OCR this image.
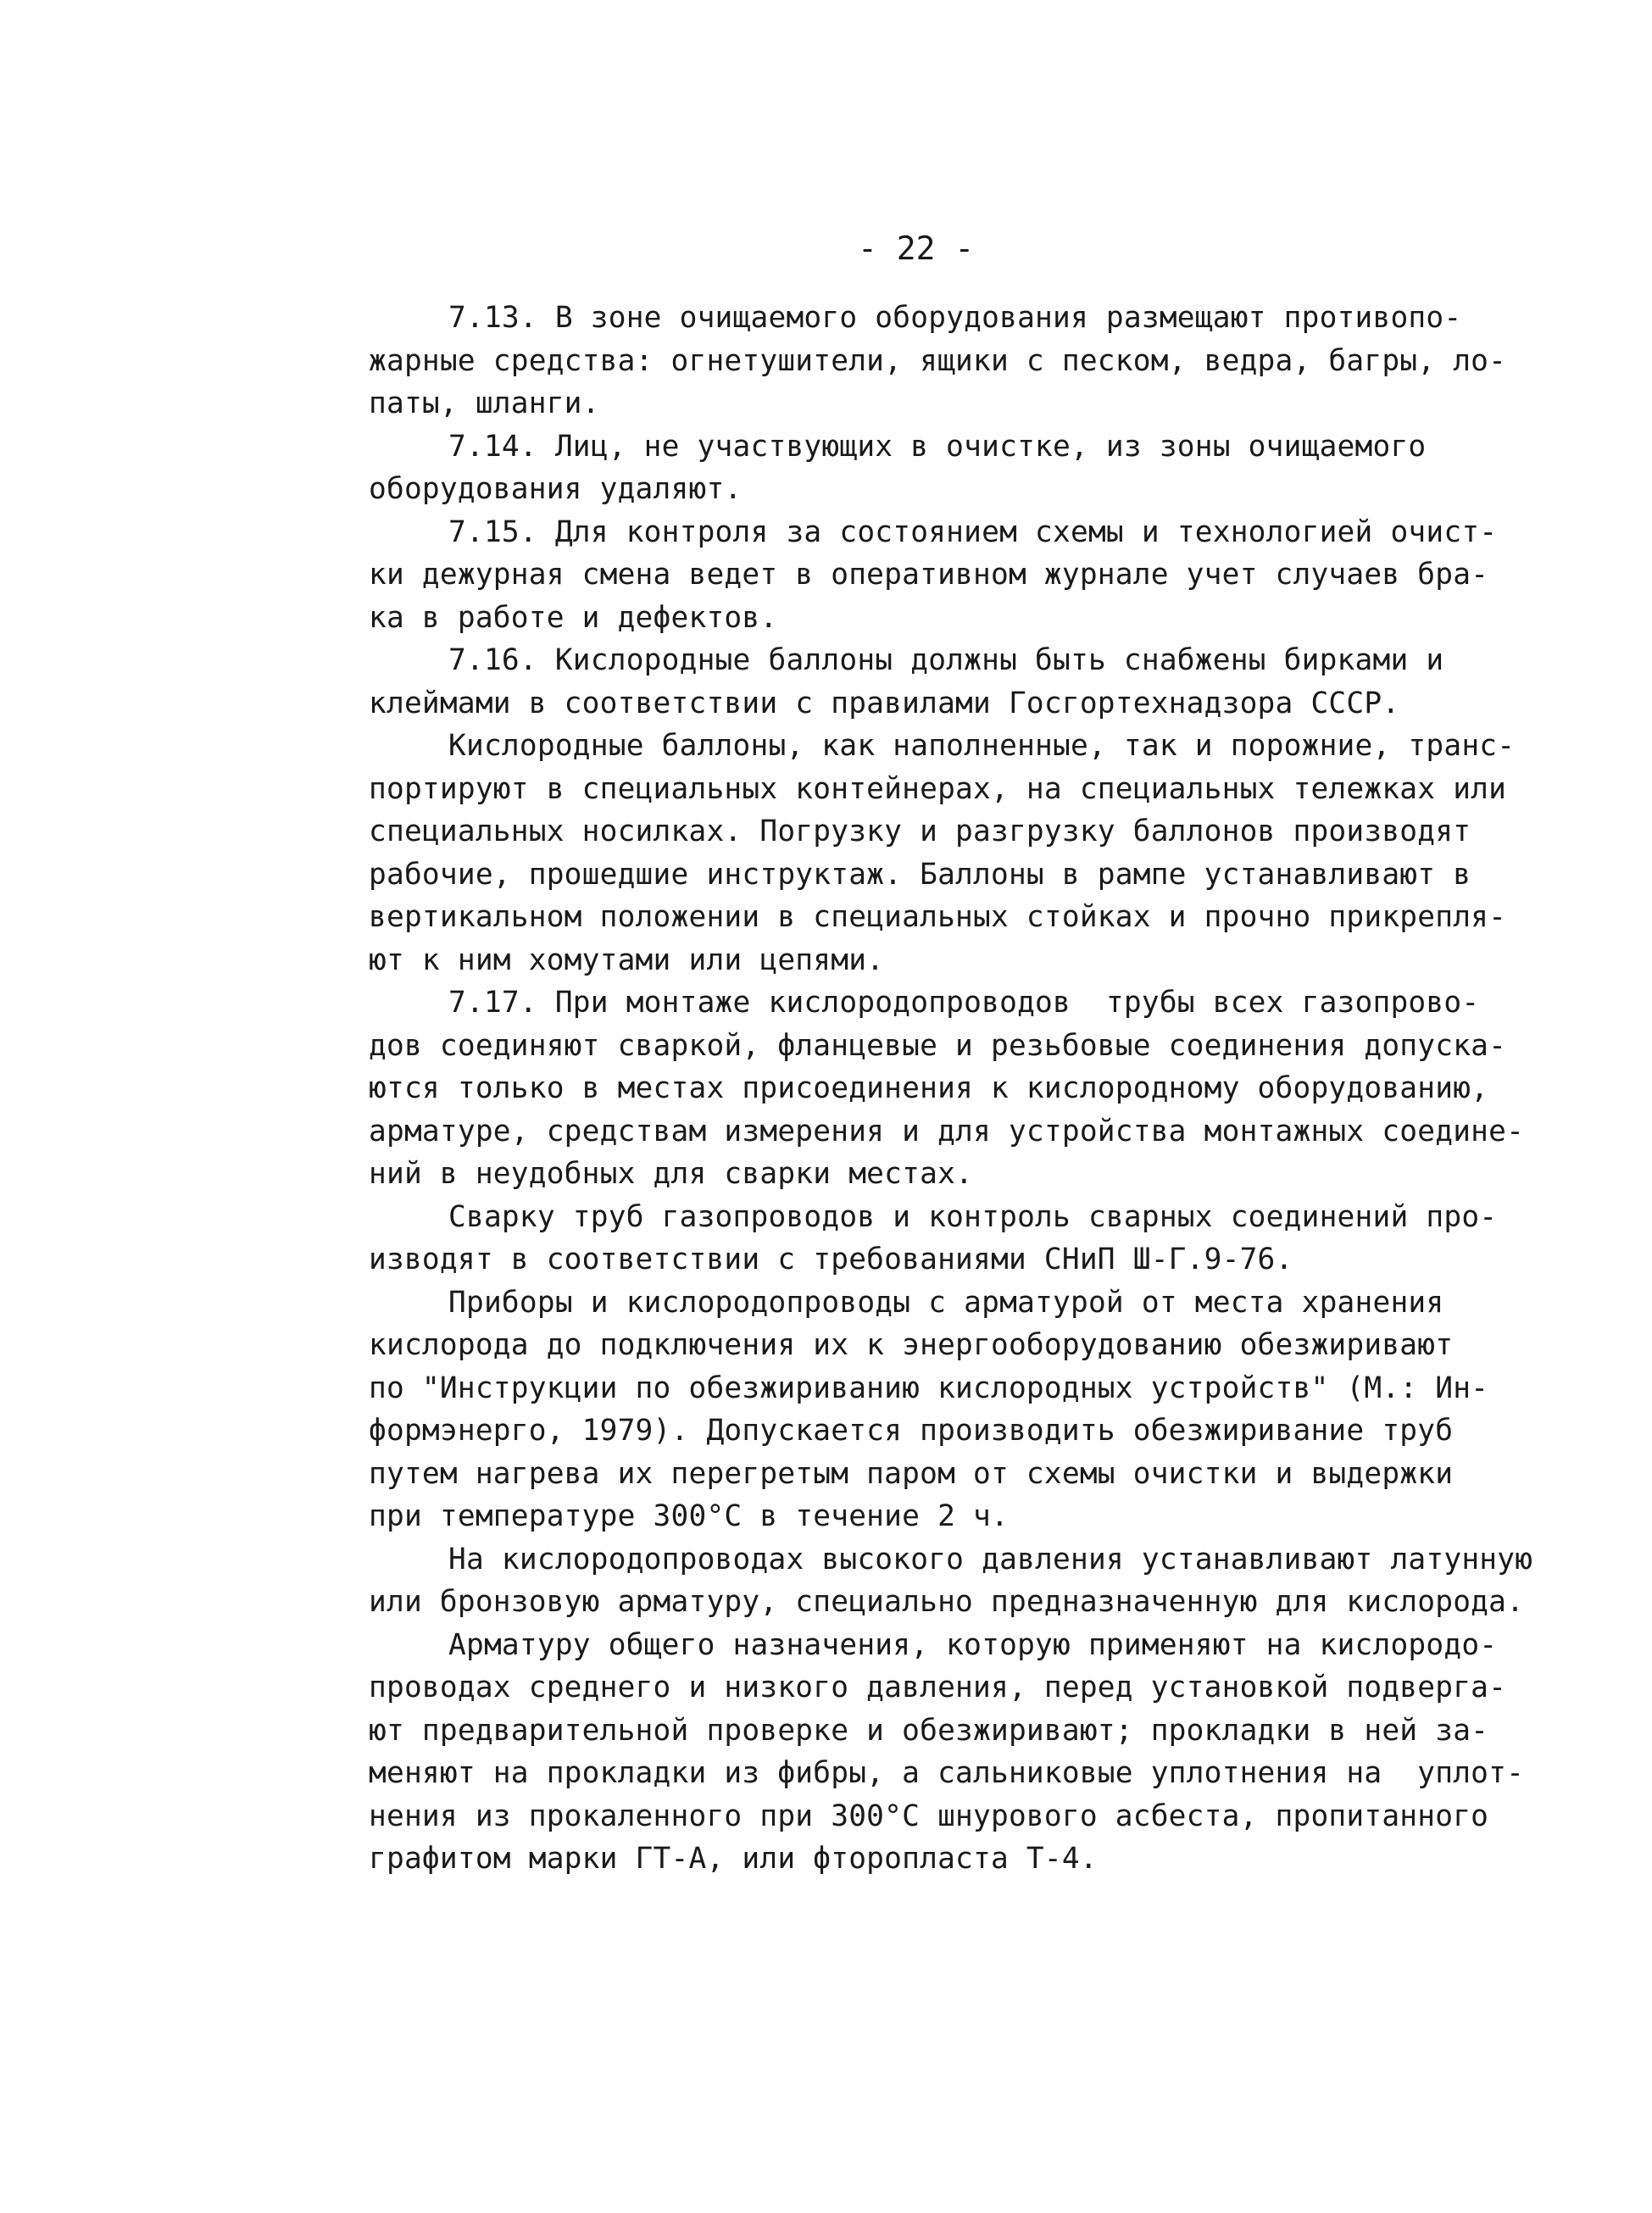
- 22 -
7.13. В зоне очищаемого оборудования размещают противопо-
жарные средства: огнетушители, ящики с песком, ведра, багры, ло-
паты, шланги.
7.14. Лиц, не участвующих в очистке, из зоны очищаемого
оборудования удаляют.
7.15. Для контроля за состоянием схемы и технологией очист-
ки дежурная смена ведет в оперативном журнале учет случаев бра-
ка в работе и дефектов.
7.16. Кислородные баллоны должны быть снабжены бирками и
клеймами в соответствии с правилами Госгортехнадзора СССР.
Кислородные баллоны, как наполненные, так и порожние, транс-
портируют в специальных контейнерах, на специальных тележках или
специальных носилках. Погрузку и разгрузку баллонов производят
рабочие, прошедшие инструктаж. Баллоны в рампе устанавливают в
вертикальном положении в специальных стойках и прочно прикрепля-
ют к ним хомутами или цепями.
7.17. При монтаже кислородопроводов  трубы всех газопрово-
дов соединяют сваркой, фланцевые и резьбовые соединения допуска-
ются только в местах присоединения к кислородному оборудованию,
арматуре, средствам измерения и для устройства монтажных соедине-
ний в неудобных для сварки местах.
Сварку труб газопроводов и контроль сварных соединений про-
изводят в соответствии с требованиями СНиП Ш-Г.9-76.
Приборы и кислородопроводы с арматурой от места хранения
кислорода до подключения их к энергооборудованию обезжиривают
по "Инструкции по обезжириванию кислородных устройств" (М.: Ин-
формэнерго, 1979). Допускается производить обезжиривание труб
путем нагрева их перегретым паром от схемы очистки и выдержки
при температуре 300°С в течение 2 ч.
На кислородопроводах высокого давления устанавливают латунную
или бронзовую арматуру, специально предназначенную для кислорода.
Арматуру общего назначения, которую применяют на кислородо-
проводах среднего и низкого давления, перед установкой подверга-
ют предварительной проверке и обезжиривают; прокладки в ней за-
меняют на прокладки из фибры, а сальниковые уплотнения на  уплот-
нения из прокаленного при 300°С шнурового асбеста, пропитанного
графитом марки ГТ-А, или фторопласта Т-4.
